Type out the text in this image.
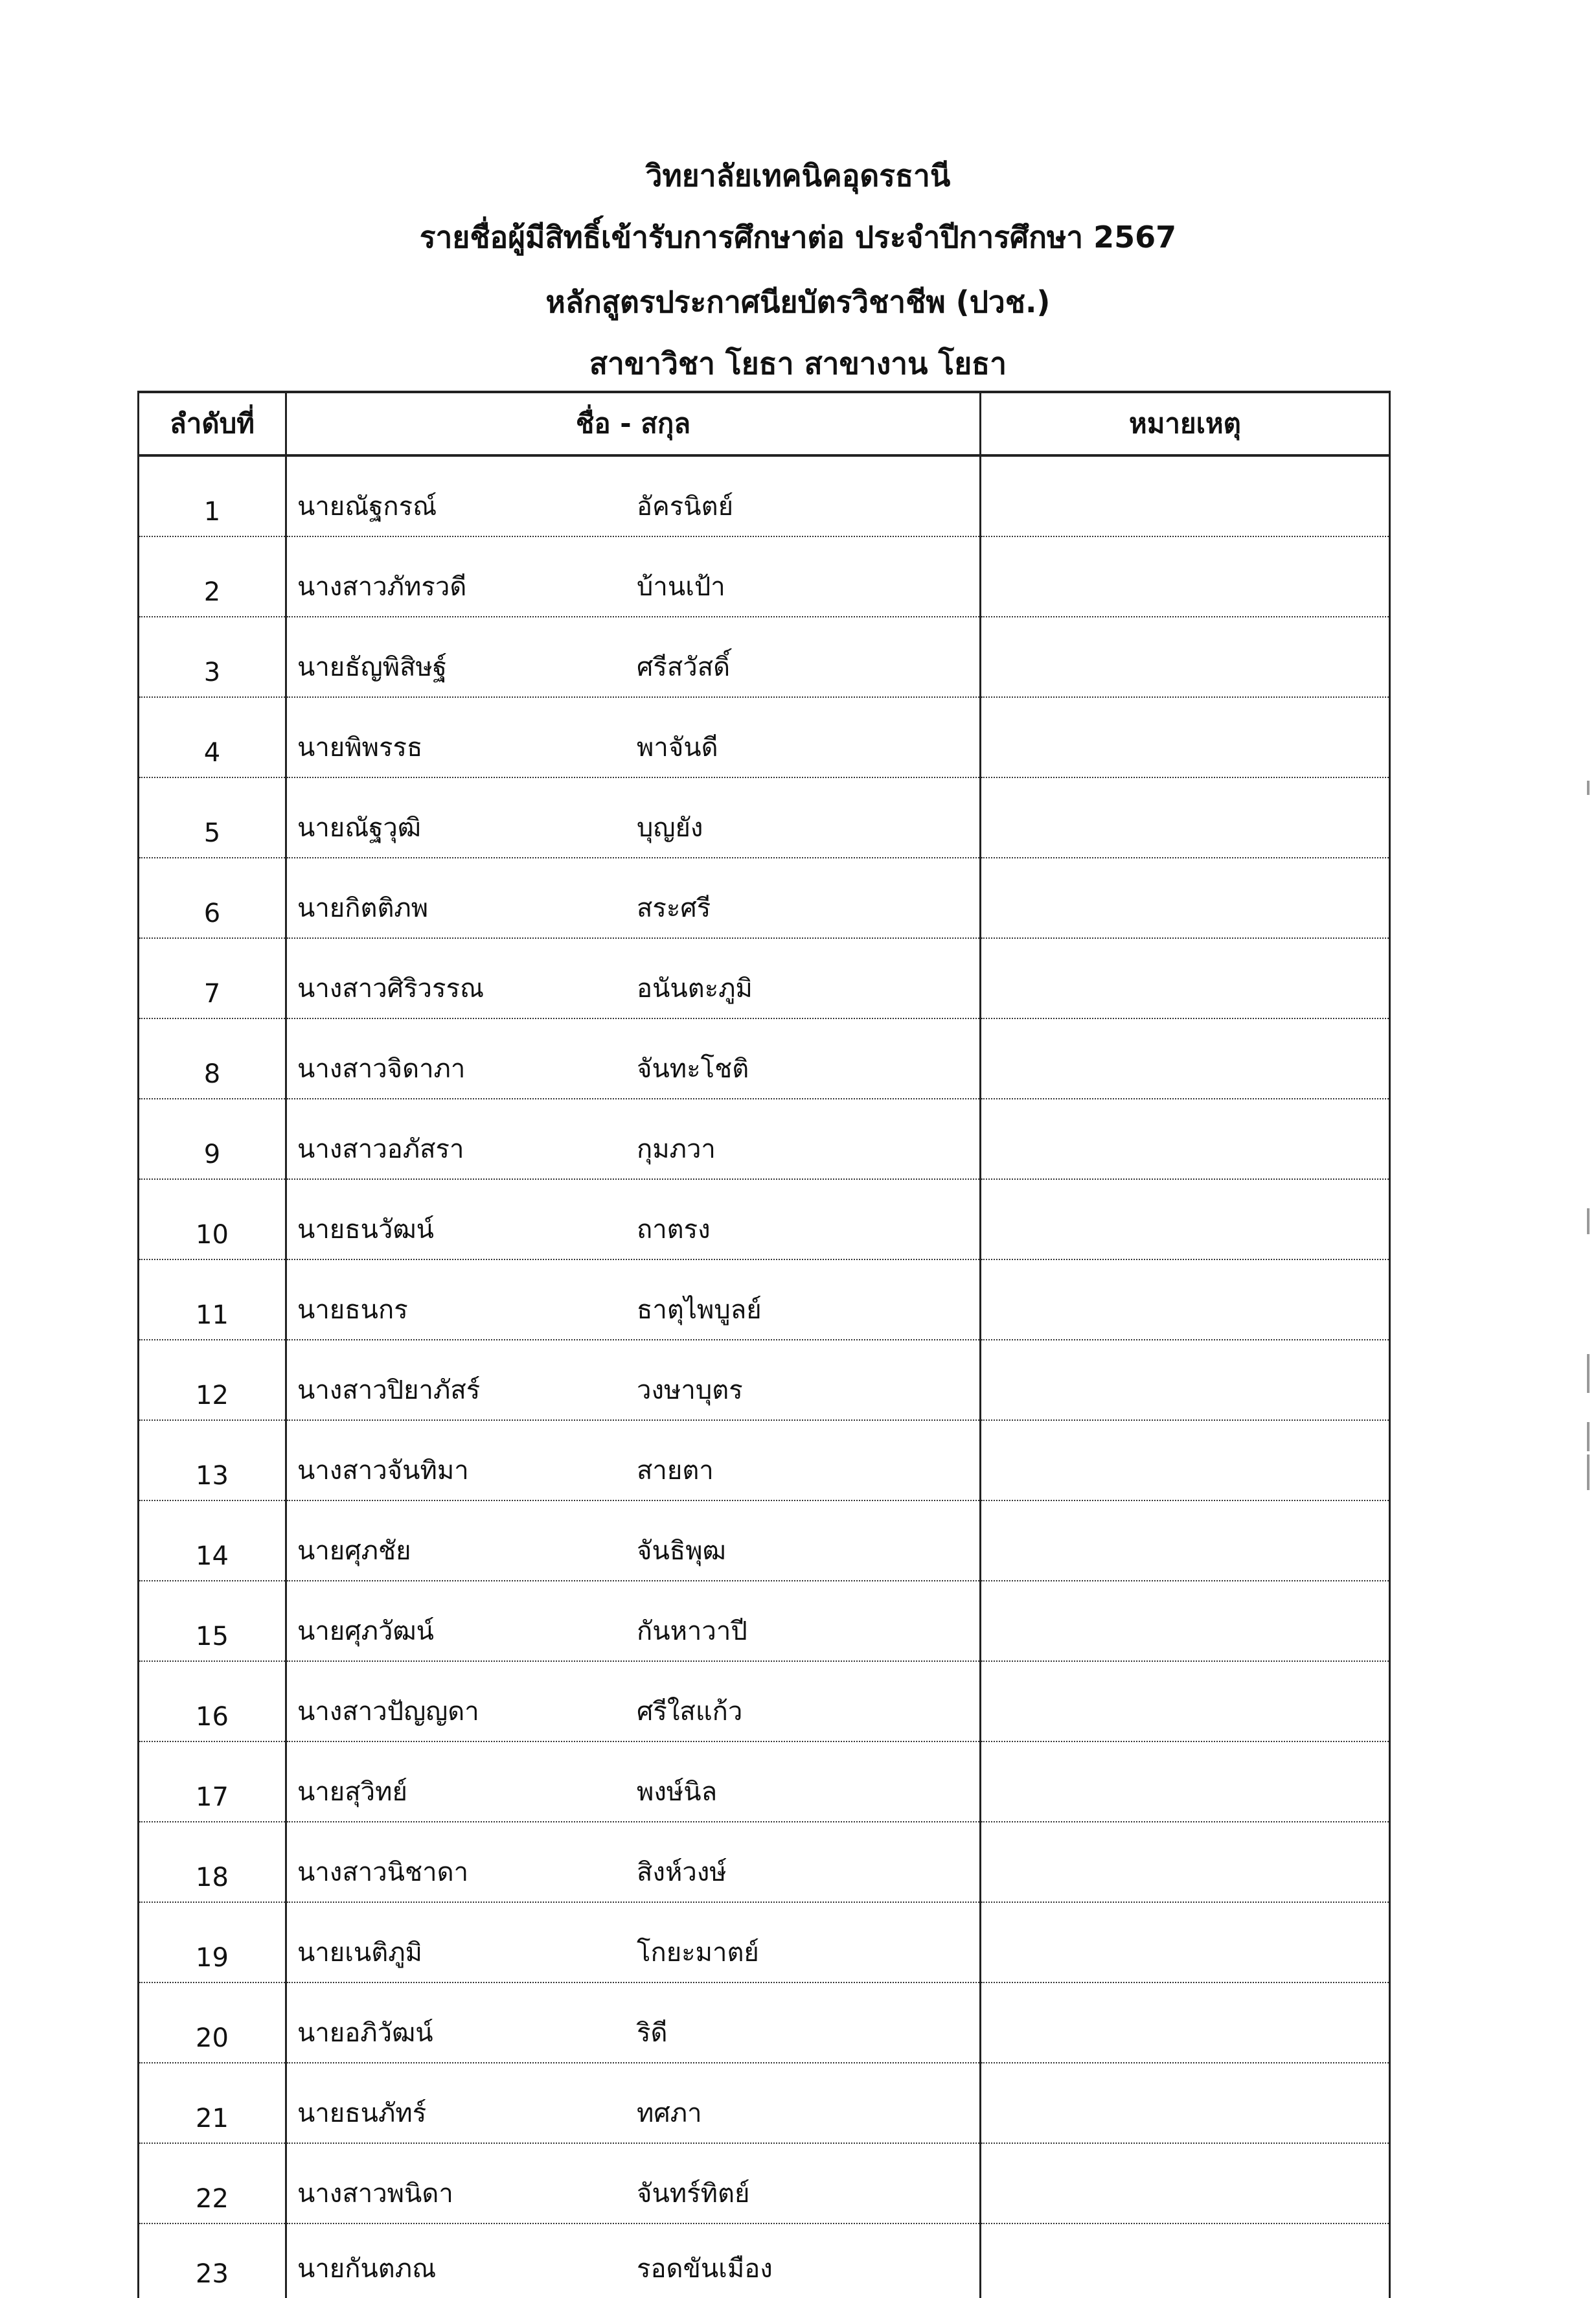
วิทยาลัยเทคนิคอุดรธานี
รายชื่อผู้มีสิทธิ์เข้ารับการศึกษาต่อ ประจำปีการศึกษา 2567
หลักสูตรประกาศนียบัตรวิชาชีพ (ปวช.)
สาขาวิชา โยธา สาขางาน โยธา
ลำดับที่	ชื่อ - สกุล	หมายเหตุ
1	นายณัฐกรณ์ อัครนิตย์	

2	นางสาวภัทรวดี บ้านเป้า	

3	นายธัญพิสิษฐ์ ศรีสวัสดิ์	

4	นายพิพรรธ พาจันดี	

5	นายณัฐวุฒิ บุญยัง	

6	นายกิตติภพ สระศรี	

7	นางสาวศิริวรรณ อนันตะภูมิ	

8	นางสาวจิดาภา จันทะโชติ	

9	นางสาวอภัสรา กุมภวา	

10	นายธนวัฒน์ ถาตรง	

11	นายธนกร ธาตุไพบูลย์	

12	นางสาวปิยาภัสร์ วงษาบุตร	

13	นางสาวจันทิมา สายตา	

14	นายศุภชัย จันธิพุฒ	

15	นายศุภวัฒน์ กันหาวาปี	

16	นางสาวปัญญดา ศรีใสแก้ว	

17	นายสุวิทย์ พงษ์นิล	

18	นางสาวนิชาดา สิงห์วงษ์	

19	นายเนติภูมิ โกยะมาตย์	

20	นายอภิวัฒน์ ริดี	

21	นายธนภัทร์ ทศภา	

22	นางสาวพนิดา จันทร์ทิตย์	

23	นายกันตภณ รอดขันเมือง	
